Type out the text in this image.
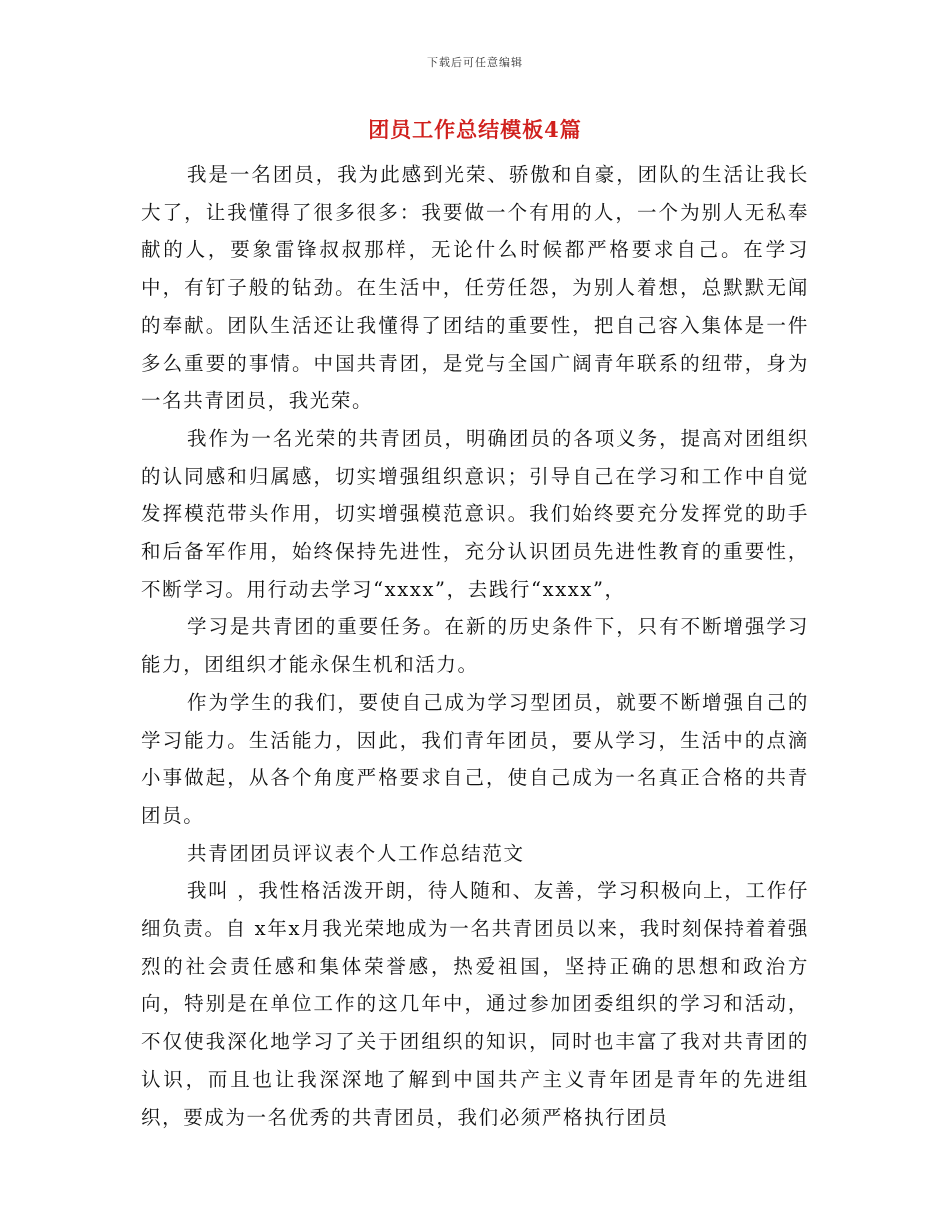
下载后可任意编辑
团员工作总结模板4篇

我是一名团员，我为此感到光荣、骄傲和自豪，团队的生活让我长大了，让我懂得了很多很多：我要做一个有用的人，一个为别人无私奉献的人，要象雷锋叔叔那样，无论什么时候都严格要求自己。在学习中，有钉子般的钻劲。在生活中，任劳任怨，为别人着想，总默默无闻的奉献。团队生活还让我懂得了团结的重要性，把自己容入集体是一件多么重要的事情。中国共青团，是党与全国广阔青年联系的纽带，身为一名共青团员，我光荣。

我作为一名光荣的共青团员，明确团员的各项义务，提高对团组织的认同感和归属感，切实增强组织意识；引导自己在学习和工作中自觉发挥模范带头作用，切实增强模范意识。我们始终要充分发挥党的助手和后备军作用，始终保持先进性，充分认识团员先进性教育的重要性，不断学习。用行动去学习“xxxx”，去践行“xxxx”，

学习是共青团的重要任务。在新的历史条件下，只有不断增强学习能力，团组织才能永保生机和活力。

作为学生的我们，要使自己成为学习型团员，就要不断增强自己的学习能力。生活能力，因此，我们青年团员，要从学习，生活中的点滴小事做起，从各个角度严格要求自己，使自己成为一名真正合格的共青团员。

共青团团员评议表个人工作总结范文

我叫 ，我性格活泼开朗，待人随和、友善，学习积极向上，工作仔细负责。自 x年x月我光荣地成为一名共青团员以来，我时刻保持着着强烈的社会责任感和集体荣誉感，热爱祖国，坚持正确的思想和政治方向，特别是在单位工作的这几年中，通过参加团委组织的学习和活动，不仅使我深化地学习了关于团组织的知识，同时也丰富了我对共青团的认识，而且也让我深深地了解到中国共产主义青年团是青年的先进组织，要成为一名优秀的共青团员，我们必须严格执行团员
